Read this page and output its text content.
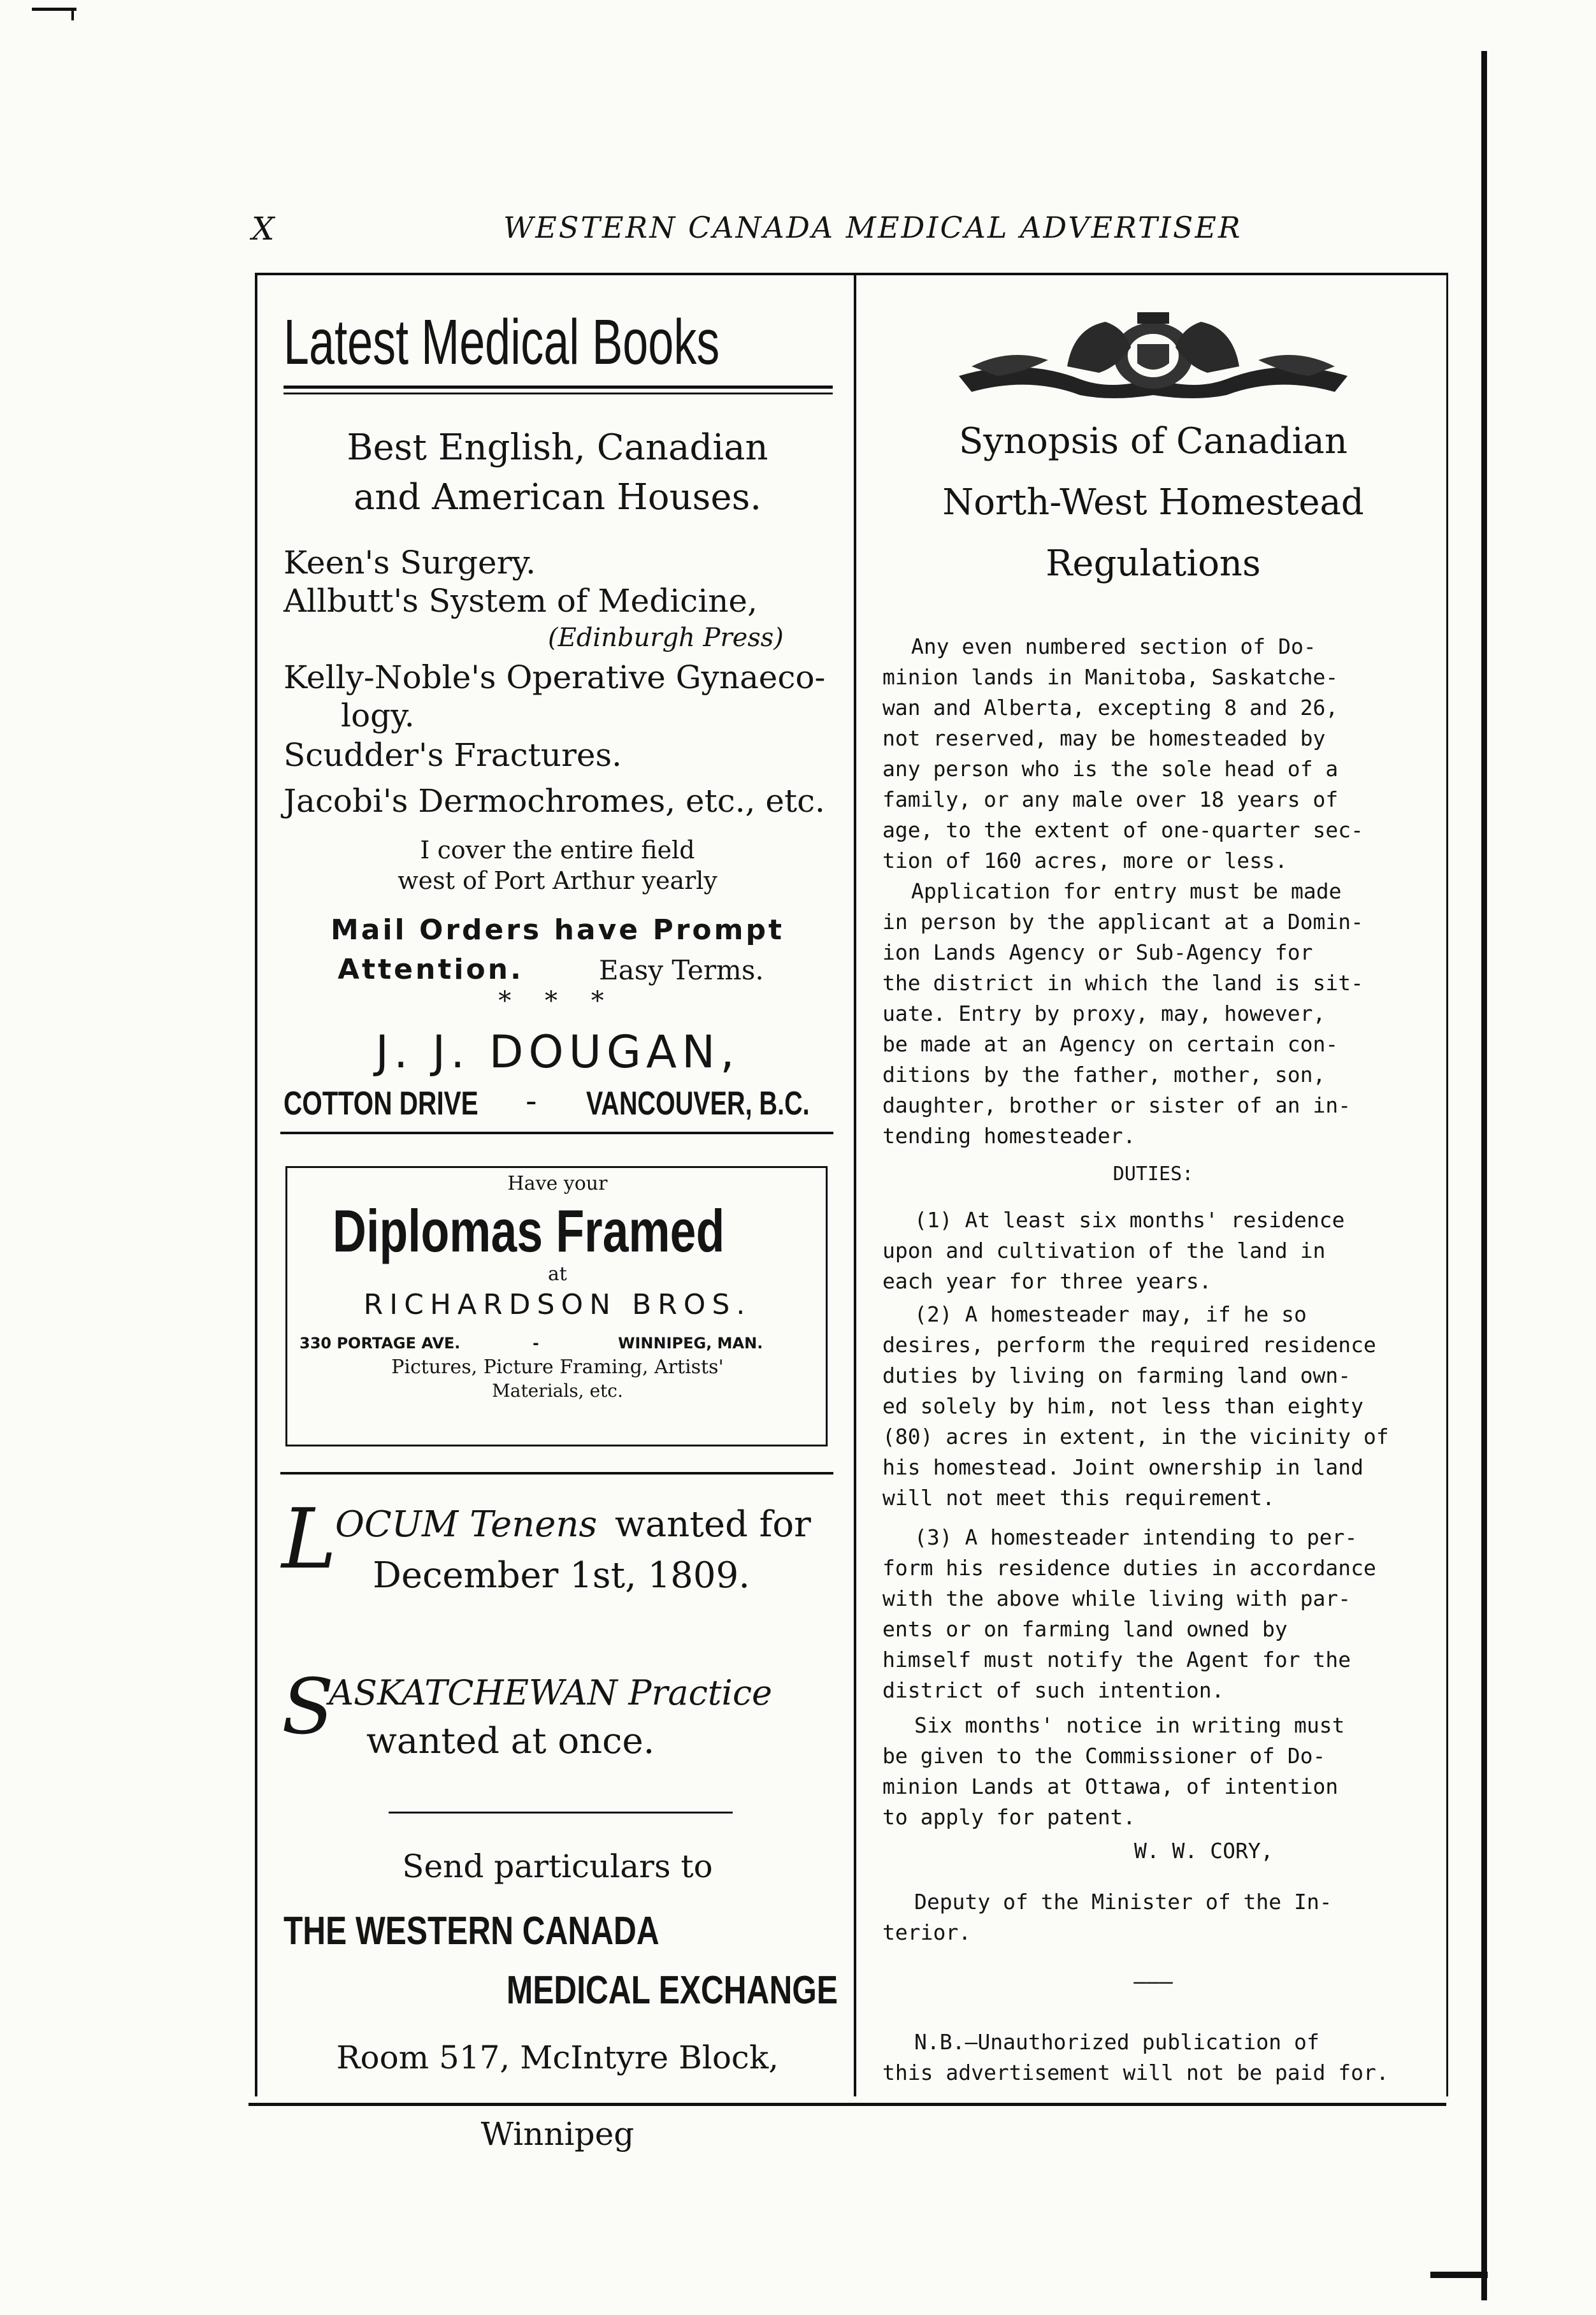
X	WESTERN CANADA MEDICAL ADVERTISER
Latest Medical Books
Best English, Canadian
and American Houses.
Keen's Surgery.
Allbutt's System of Medicine,
(Edinburgh Press)
Kelly-Noble's Operative Gynaeco-
logy.
Scudder's Fractures.
Jacobi's Dermochromes, etc., etc.
I cover the entire field
west of Port Arthur yearly
Mail Orders have Prompt
Attention.	Easy Terms.
* * *
J. J. DOUGAN,
COTTON DRIVE	- VANCOUVER, B.C.
Have your
Diplomas Framed
at
RICHARDSON BROS.
330 PORTAGE AVE.	-	WINNIPEG, MAN.
Pictures, Picture Framing, Artists'
Materials, etc.
L
OCUM Tenens wanted for
December 1st, 1809.
S
ASKATCHEWAN Practice
wanted at once.
Send particulars to
THE WESTERN CANADA
MEDICAL EXCHANGE
Room 517, McIntyre Block,
Winnipeg
Synopsis of Canadian
North-West Homestead
Regulations
Any even numbered section of Do-
minion lands in Manitoba, Saskatche-
wan and Alberta, excepting 8 and 26,
not reserved, may be homesteaded by
any person who is the sole head of a
family, or any male over 18 years of
age, to the extent of one-quarter sec-
tion of 160 acres, more or less.
Application for entry must be made
in person by the applicant at a Domin-
ion Lands Agency or Sub-Agency for
the district in which the land is sit-
uate. Entry by proxy, may, however,
be made at an Agency on certain con-
ditions by the father, mother, son,
daughter, brother or sister of an in-
tending homesteader.
DUTIES:
(1) At least six months' residence
upon and cultivation of the land in
each year for three years.
(2) A homesteader may, if he so
desires, perform the required residence
duties by living on farming land own-
ed solely by him, not less than eighty
(80) acres in extent, in the vicinity of
his homestead. Joint ownership in land
will not meet this requirement.
(3) A homesteader intending to per-
form his residence duties in accordance
with the above while living with par-
ents or on farming land owned by
himself must notify the Agent for the
district of such intention.
Six months' notice in writing must
be given to the Commissioner of Do-
minion Lands at Ottawa, of intention
to apply for patent.
W. W. CORY,
Deputy of the Minister of the In-
terior.
———
N.B.—Unauthorized publication of
this advertisement will not be paid for.
